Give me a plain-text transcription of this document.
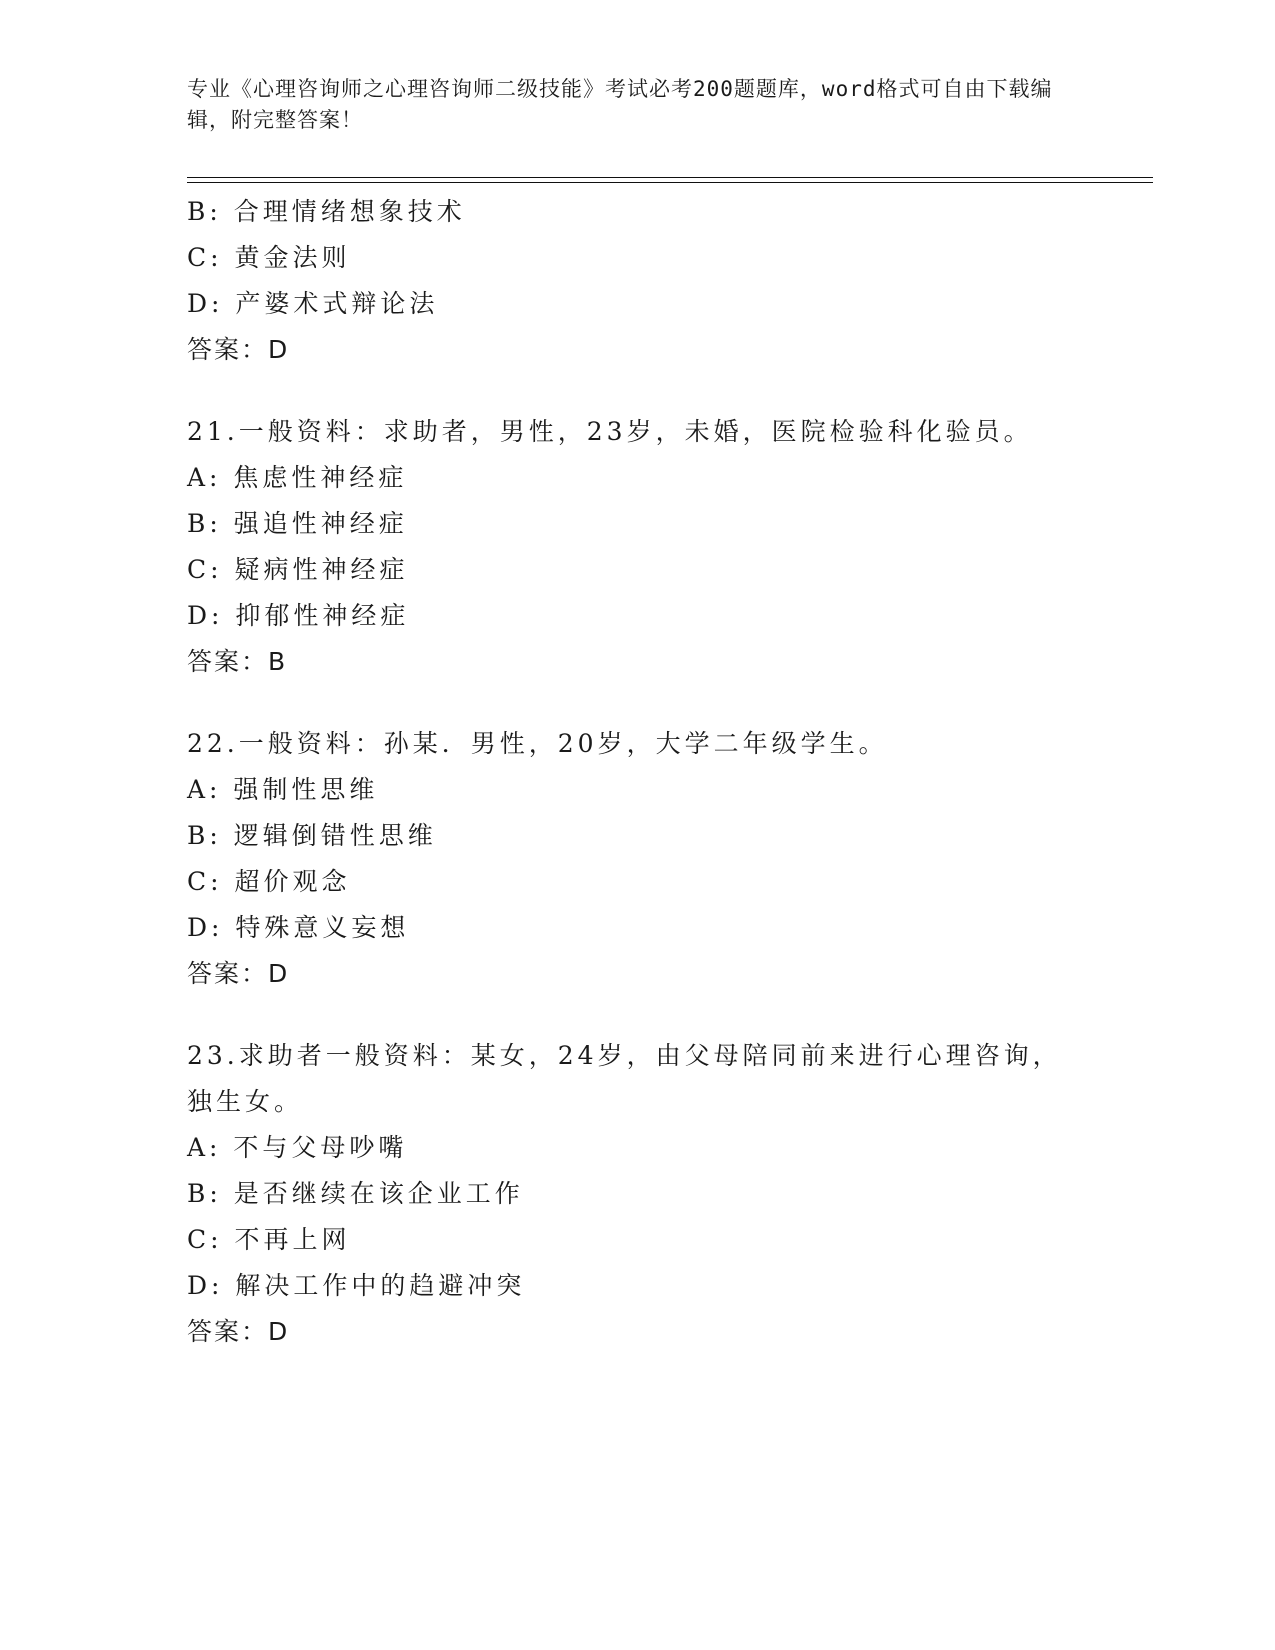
专业《心理咨询师之心理咨询师二级技能》考试必考200题题库，word格式可自由下载编辑，附完整答案！
B: 合理情绪想象技术
C: 黄金法则
D: 产婆术式辩论法
答案：D
21.一般资料：求助者，男性，23岁，未婚，医院检验科化验员。
A: 焦虑性神经症
B: 强追性神经症
C: 疑病性神经症
D: 抑郁性神经症
答案：B
22.一般资料：孙某．男性，20岁，大学二年级学生。
A: 强制性思维
B: 逻辑倒错性思维
C: 超价观念
D: 特殊意义妄想
答案：D
23.求助者一般资料：某女，24岁，由父母陪同前来进行心理咨询，独生女。
A: 不与父母吵嘴
B: 是否继续在该企业工作
C: 不再上网
D: 解决工作中的趋避冲突
答案：D
